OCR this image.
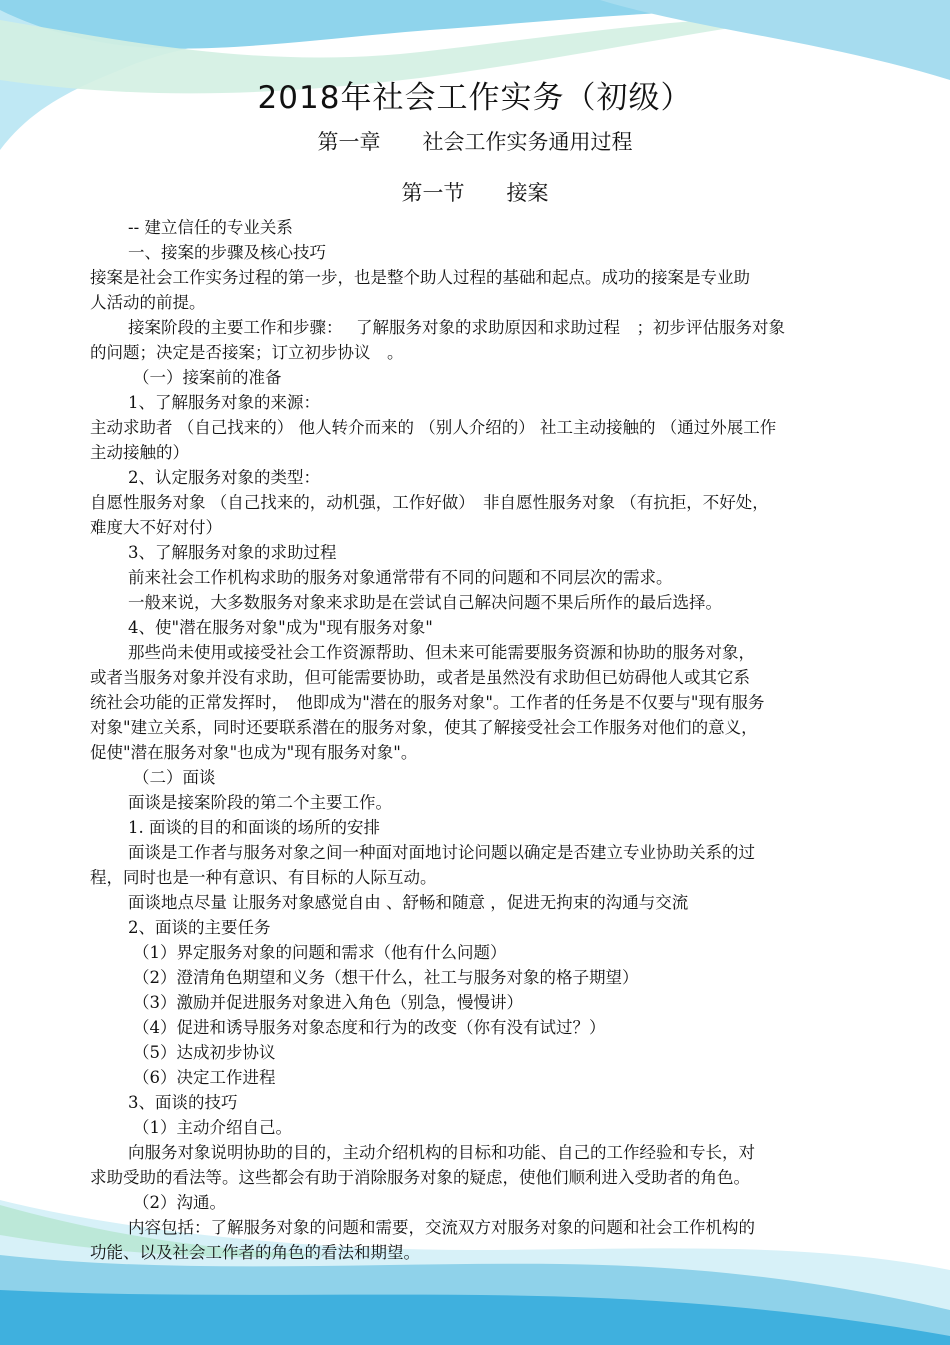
2018年社会工作实务（初级）
第一章 社会工作实务通用过程
第一节 接案
-- 建立信任的专业关系
一、接案的步骤及核心技巧
接案是社会工作实务过程的第一步，也是整个助人过程的基础和起点。成功的接案是专业助
人活动的前提。
接案阶段的主要工作和步骤：　 了解服务对象的求助原因和求助过程　；初步评估服务对象
的问题；决定是否接案；订立初步协议　。
（一）接案前的准备
1、了解服务对象的来源：
主动求助者 （自己找来的） 他人转介而来的 （别人介绍的） 社工主动接触的 （通过外展工作
主动接触的）
2、认定服务对象的类型：
自愿性服务对象 （自己找来的，动机强，工作好做）　非自愿性服务对象 （有抗拒，不好处，
难度大不好对付）
3、了解服务对象的求助过程
前来社会工作机构求助的服务对象通常带有不同的问题和不同层次的需求。
一般来说，大多数服务对象来求助是在尝试自己解决问题不果后所作的最后选择。
4、使"潜在服务对象"成为"现有服务对象"
那些尚未使用或接受社会工作资源帮助、但未来可能需要服务资源和协助的服务对象，
或者当服务对象并没有求助，但可能需要协助，或者是虽然没有求助但已妨碍他人或其它系
统社会功能的正常发挥时，　他即成为"潜在的服务对象"。工作者的任务是不仅要与"现有服务
对象"建立关系，同时还要联系潜在的服务对象，使其了解接受社会工作服务对他们的意义，
促使"潜在服务对象"也成为"现有服务对象"。
（二）面谈
面谈是接案阶段的第二个主要工作。
1. 面谈的目的和面谈的场所的安排
面谈是工作者与服务对象之间一种面对面地讨论问题以确定是否建立专业协助关系的过
程，同时也是一种有意识、有目标的人际互动。
面谈地点尽量 让服务对象感觉自由 、舒畅和随意 ，促进无拘束的沟通与交流
2、面谈的主要任务
（1）界定服务对象的问题和需求（他有什么问题）
（2）澄清角色期望和义务（想干什么，社工与服务对象的格子期望）
（3）激励并促进服务对象进入角色（别急，慢慢讲）
（4）促进和诱导服务对象态度和行为的改变（你有没有试过？）
（5）达成初步协议
（6）决定工作进程
3、面谈的技巧
（1）主动介绍自己。
向服务对象说明协助的目的，主动介绍机构的目标和功能、自己的工作经验和专长，对
求助受助的看法等。这些都会有助于消除服务对象的疑虑，使他们顺利进入受助者的角色。
（2）沟通。
内容包括：了解服务对象的问题和需要，交流双方对服务对象的问题和社会工作机构的
功能、以及社会工作者的角色的看法和期望。
